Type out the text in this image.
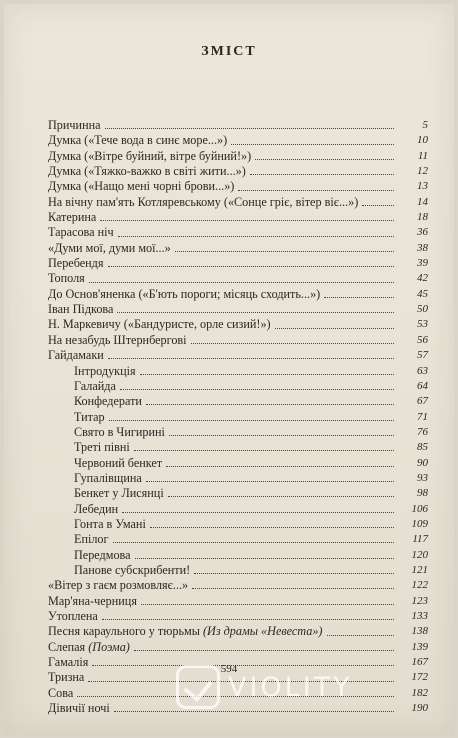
ЗМІСТ
Причинна	5
Думка («Тече вода в синє море...»)	10
Думка («Вітре буйний, вітре буйний!»)	11
Думка («Тяжко-важко в світі жити...»)	12
Думка («Нащо мені чорні брови...»)	13
На вічну пам'ять Котляревському («Сонце гріє, вітер віє...»)	14
Катерина	18
Тарасова ніч	36
«Думи мої, думи мої...»	38
Перебендя	39
Тополя	42
До Основ'яненка («Б'ють пороги; місяць сходить...»)	45
Іван Підкова	50
Н. Маркевичу («Бандуристе, орле сизий!»)	53
На незабудь Штернбергові	56
Гайдамаки	57
Інтродукція	63
Галайда	64
Конфедерати	67
Титар	71
Свято в Чигирині	76
Треті півні	85
Червоний бенкет	90
Гупалівщина	93
Бенкет у Лисянці	98
Лебедин	106
Гонта в Умані	109
Епілог	117
Передмова	120
Панове субскрибенти!	121
«Вітер з гаєм розмовляє...»	122
Мар'яна-черниця	123
Утоплена	133
Песня караульного у тюрьмы (Из драмы «Невеста»)	138
Слепая (Поэма)	139
Гамалія	167
Тризна	172
Сова	182
Дівичії ночі	190
594
VIOLITY
